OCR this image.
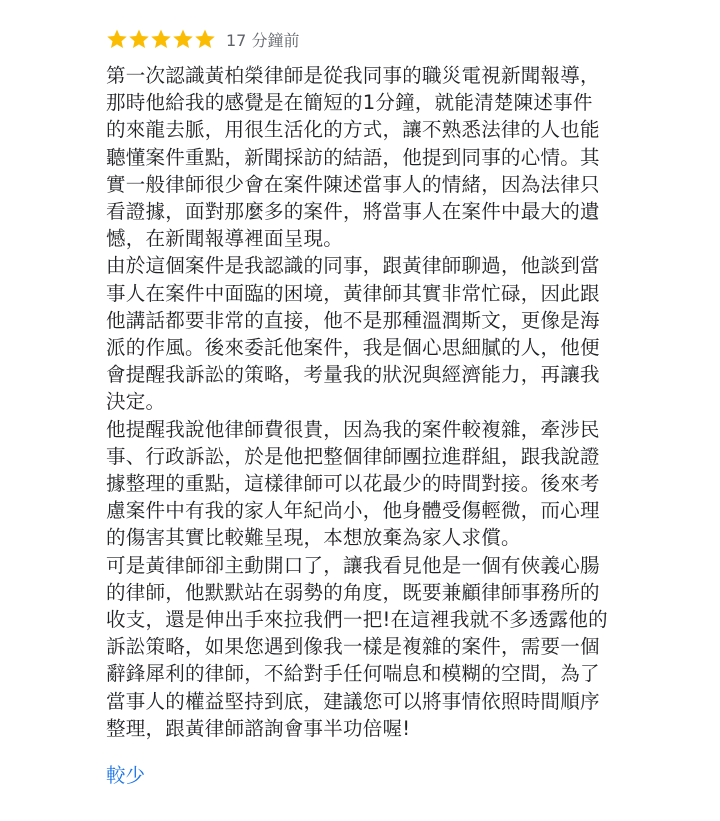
17 分鐘前

第一次認識黃柏榮律師是從我同事的職災電視新聞報導，

那時他給我的感覺是在簡短的1分鐘，就能清楚陳述事件

的來龍去脈，用很生活化的方式，讓不熟悉法律的人也能

聽懂案件重點，新聞採訪的結語，他提到同事的心情。其

實一般律師很少會在案件陳述當事人的情緒，因為法律只

看證據，面對那麼多的案件，將當事人在案件中最大的遺

憾，在新聞報導裡面呈現。

由於這個案件是我認識的同事，跟黃律師聊過，他談到當

事人在案件中面臨的困境，黃律師其實非常忙碌，因此跟

他講話都要非常的直接，他不是那種溫潤斯文，更像是海

派的作風。後來委託他案件，我是個心思細膩的人，他便

會提醒我訴訟的策略，考量我的狀況與經濟能力，再讓我

決定。

他提醒我說他律師費很貴，因為我的案件較複雜，牽涉民

事、行政訴訟，於是他把整個律師團拉進群組，跟我說證

據整理的重點，這樣律師可以花最少的時間對接。後來考

慮案件中有我的家人年紀尚小，他身體受傷輕微，而心理

的傷害其實比較難呈現，本想放棄為家人求償。

可是黃律師卻主動開口了，讓我看見他是一個有俠義心腸

的律師，他默默站在弱勢的角度，既要兼顧律師事務所的

收支，還是伸出手來拉我們一把!在這裡我就不多透露他的

訴訟策略，如果您遇到像我一樣是複雜的案件，需要一個

辭鋒犀利的律師，不給對手任何喘息和模糊的空間，為了

當事人的權益堅持到底，建議您可以將事情依照時間順序

整理，跟黃律師諮詢會事半功倍喔!

較少
